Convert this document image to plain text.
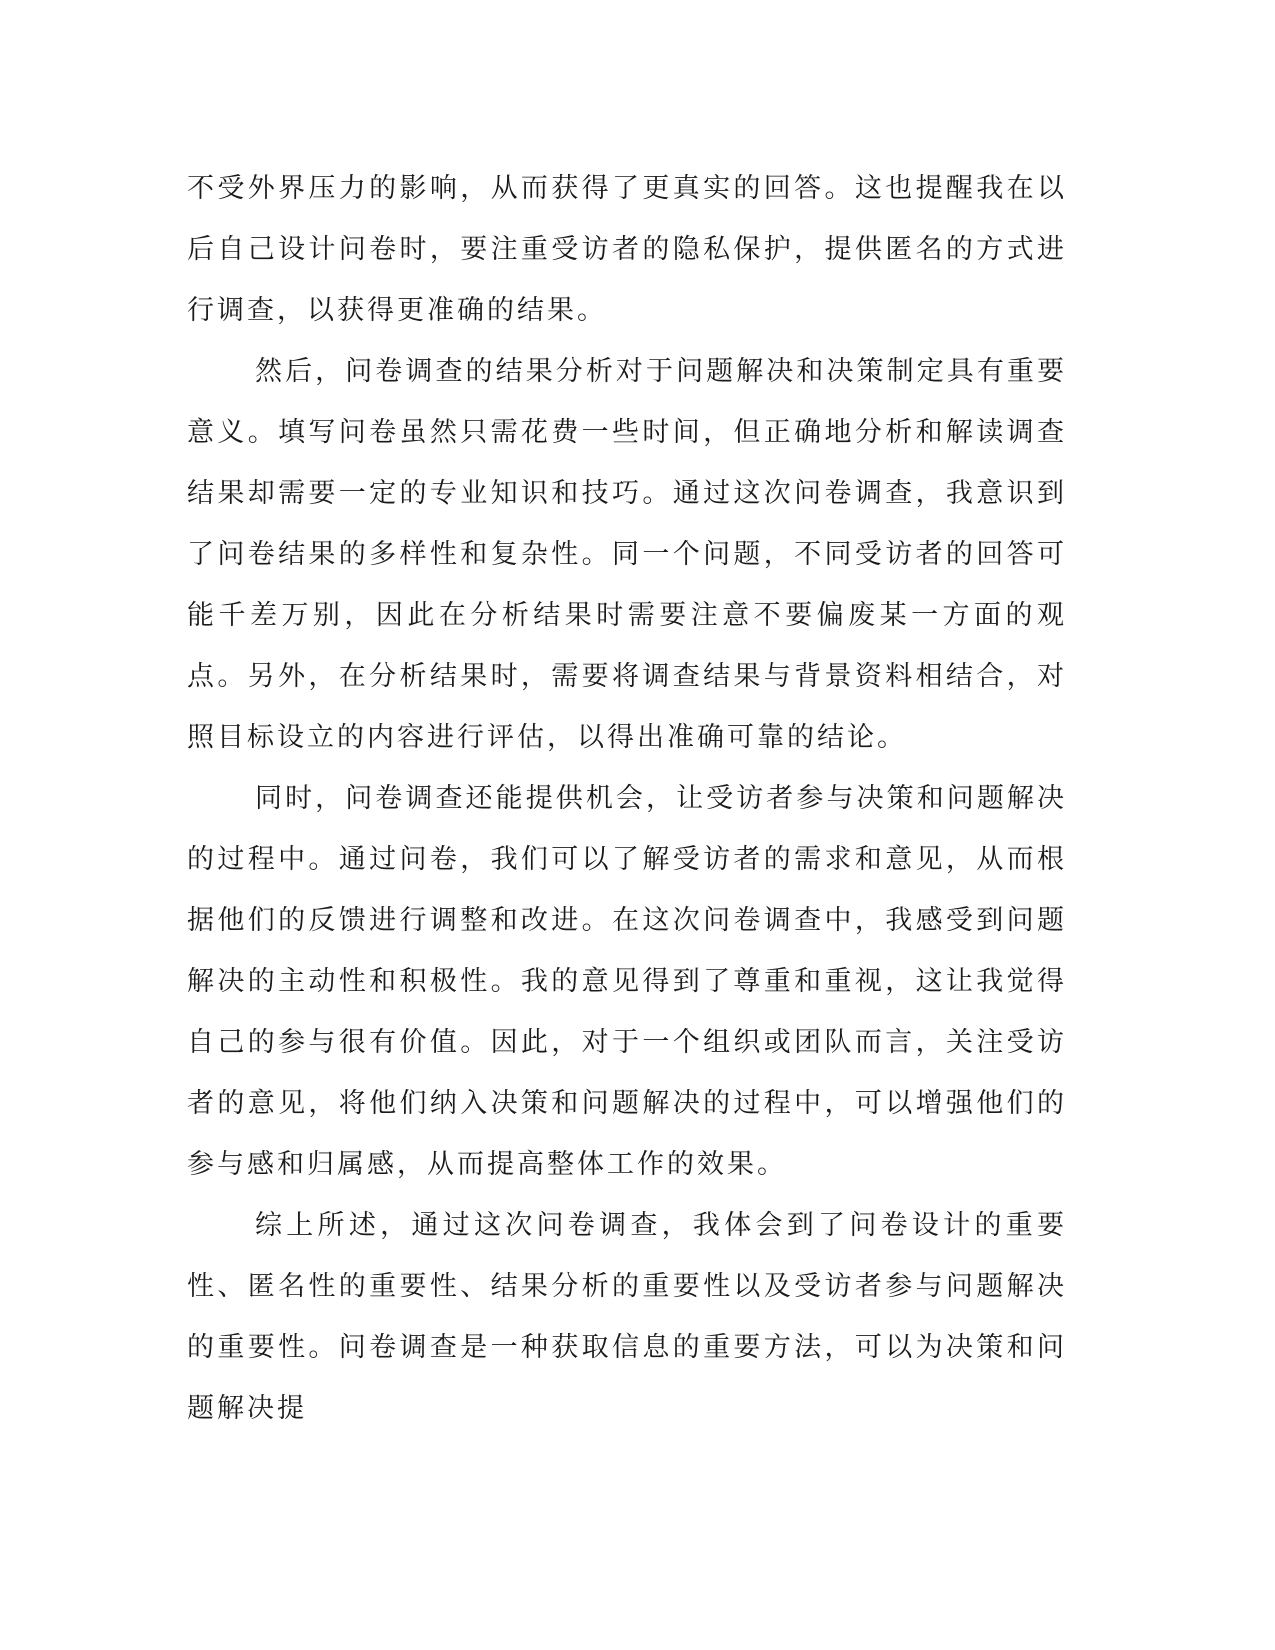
不受外界压力的影响，从而获得了更真实的回答。这也提醒我在以后自己设计问卷时，要注重受访者的隐私保护，提供匿名的方式进行调查，以获得更准确的结果。

然后，问卷调查的结果分析对于问题解决和决策制定具有重要意义。填写问卷虽然只需花费一些时间，但正确地分析和解读调查结果却需要一定的专业知识和技巧。通过这次问卷调查，我意识到了问卷结果的多样性和复杂性。同一个问题，不同受访者的回答可能千差万别，因此在分析结果时需要注意不要偏废某一方面的观点。另外，在分析结果时，需要将调查结果与背景资料相结合，对照目标设立的内容进行评估，以得出准确可靠的结论。

同时，问卷调查还能提供机会，让受访者参与决策和问题解决的过程中。通过问卷，我们可以了解受访者的需求和意见，从而根据他们的反馈进行调整和改进。在这次问卷调查中，我感受到问题解决的主动性和积极性。我的意见得到了尊重和重视，这让我觉得自己的参与很有价值。因此，对于一个组织或团队而言，关注受访者的意见，将他们纳入决策和问题解决的过程中，可以增强他们的参与感和归属感，从而提高整体工作的效果。

综上所述，通过这次问卷调查，我体会到了问卷设计的重要性、匿名性的重要性、结果分析的重要性以及受访者参与问题解决的重要性。问卷调查是一种获取信息的重要方法，可以为决策和问题解决提
